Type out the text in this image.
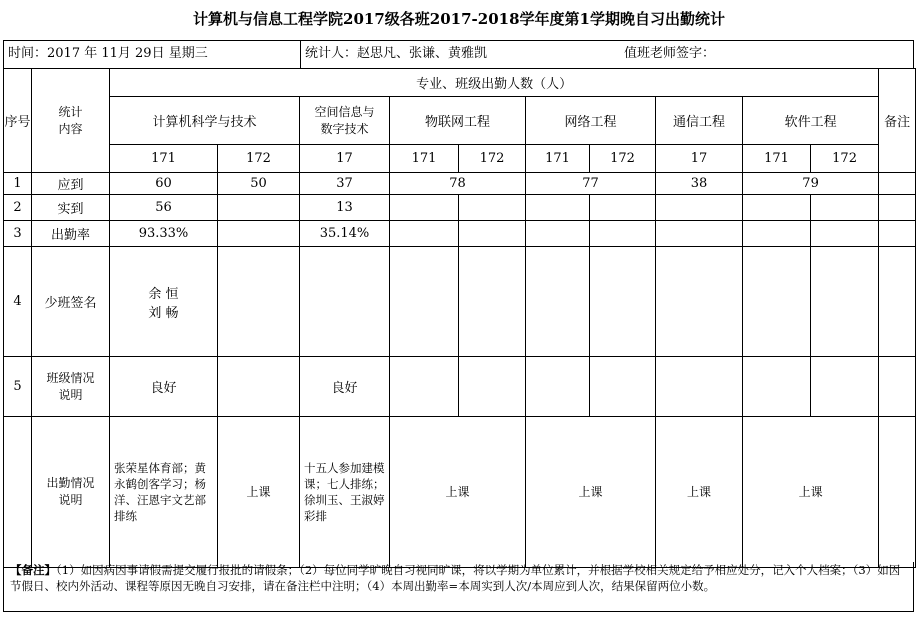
计算机与信息工程学院2017级各班2017-2018学年度第1学期晚自习出勤统计
时间：2017 年 11月 29日 星期三	统计人：赵思凡、张谦、黄雅凯	值班老师签字：
序号	统计
内容	专业、班级出勤人数（人）										备注
		计算机科学与技术		空间信息与
数字技术	物联网工程		网络工程		通信工程	软件工程		
		171	172	17	171	172	171	172	17	171	172	
1	应到	60	50	37	78		77		38	79		
2	实到	56		13								
3	出勤率	93.33%		35.14%								
4	少班签名	余 恒
刘 畅										

5	班级情况
说明	良好		良好								
	出勤情况
说明	张荣星体育部；黄永鹤创客学习；杨洋、汪恩宇文艺部排练	上课	十五人参加建模课；七人排练；徐圳玉、王淑婷彩排	上课		上课		上课	上课		
【备注】（1）如因病因事请假需提交履行报批的请假条；（2）每位同学旷晚自习视同旷课，将以学期为单位累计，并根据学校相关规定给予相应处分，记入个人档案；（3）如因节假日、校内外活动、课程等原因无晚自习安排，请在备注栏中注明；（4）本周出勤率=本周实到人次/本周应到人次，结果保留两位小数。
